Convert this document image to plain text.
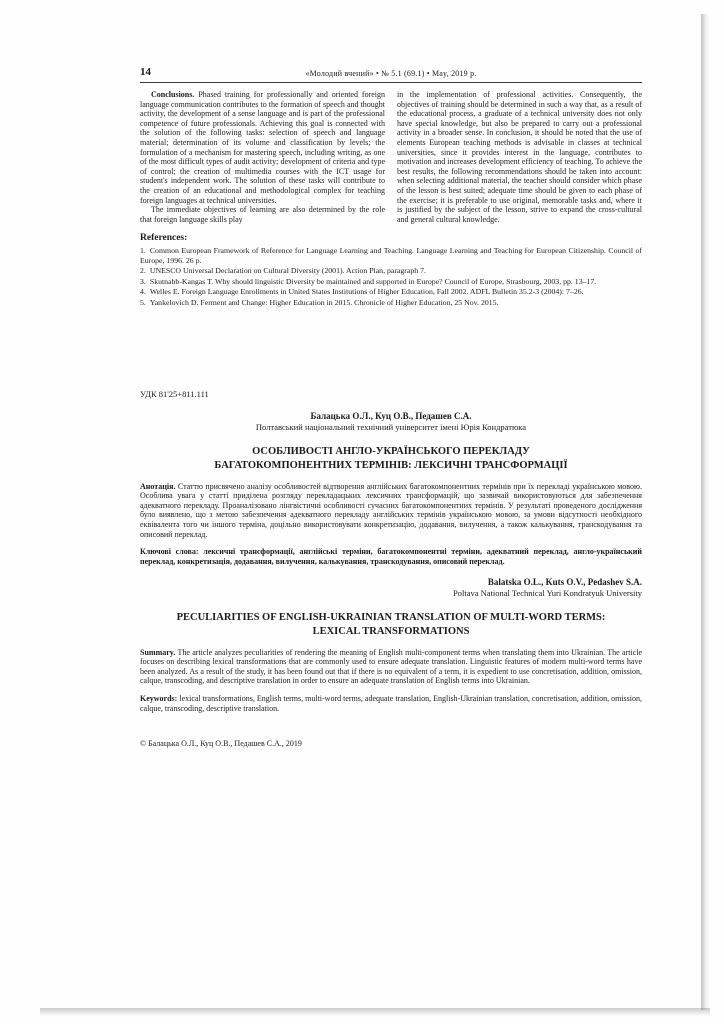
14	«Молодий вчений» • № 5.1 (69.1) • May, 2019 р.

Conclusions. Phased training for professionally and oriented foreign language communication contributes to the formation of speech and thought activity, the development of a sense language and is part of the professional competence of future professionals. Achieving this goal is connected with the solution of the following tasks: selection of speech and language material; determination of its volume and classification by levels; the formulation of a mechanism for mastering speech, including writing, as one of the most difficult types of audit activity; development of criteria and type of control; the creation of multimedia courses with the ICT usage for student's independent work. The solution of these tasks will contribute to the creation of an educational and methodological complex for teaching foreign languages at technical universities.

The immediate objectives of learning are also determined by the role that foreign language skills play

in the implementation of professional activities. Consequently, the objectives of training should be determined in such a way that, as a result of the educational process, a graduate of a technical university does not only have special knowledge, but also be prepared to carry out a professional activity in a broader sense. In conclusion, it should be noted that the use of elements European teaching methods is advisable in classes at technical universities, since it provides interest in the language, contributes to motivation and increases development efficiency of teaching. To achieve the best results, the following recommendations should be taken into account: when selecting additional material, the teacher should consider which phase of the lesson is best suited; adequate time should be given to each phase of the exercise; it is preferable to use original, memorable tasks and, where it is justified by the subject of the lesson, strive to expand the cross-cultural and general cultural knowledge.

References:

1. Common European Framework of Reference for Language Learning and Teaching. Language Learning and Teaching for European Citizenship. Council of Europe, 1996. 26 p.

2. UNESCO Universal Declaration on Cultural Diversity (2001). Action Plan, paragraph 7.

3. Skutnabb-Kangas T. Why should linguistic Diversity be maintained and supported in Europe? Council of Europe, Strasbourg, 2003, pp. 13–17.

4. Welles E. Foreign Language Enrollments in United States Institutions of Higher Education, Fall 2002. ADFL Bulletin 35.2-3 (2004): 7–26.

5. Yankelovich D. Ferment and Change: Higher Education in 2015. Chronicle of Higher Education, 25 Nov. 2015.

УДК 81'25+811.111
Балацька О.Л., Куц О.В., Педашев С.А.
Полтавський національний технічний університет імені Юрія Кондратюка
ОСОБЛИВОСТІ АНГЛО-УКРАЇНСЬКОГО ПЕРЕКЛАДУ БАГАТОКОМПОНЕНТНИХ ТЕРМІНІВ: ЛЕКСИЧНІ ТРАНСФОРМАЦІЇ

Анотація. Статтю присвячено аналізу особливостей відтворення англійських багатокомпонентних термінів при їх перекладі українською мовою. Особлива увага у статті приділена розгляду перекладацьких лексичних трансформацій, що зазвичай використовуються для забезпечення адекватного перекладу. Проаналізовано лінгвістичні особливості сучасних багатокомпонентних термінів. У результаті проведеного дослідження було виявлено, що з метою забезпечення адекватного перекладу англійських термінів українською мовою, за умови відсутності необхідного еквівалента того чи іншого терміна, доцільно використовувати конкретизацію, додавання, вилучення, а також калькування, транскодування та описовий переклад.

Ключові слова: лексичні трансформації, англійські терміни, багатокомпонентні терміни, адекватний переклад, англо-український переклад, конкретизація, додавання, вилучення, калькування, транскодування, описовий переклад.

Balatska O.L., Kuts O.V., Pedashev S.A.
Poltava National Technical Yuri Kondratyuk University
PECULIARITIES OF ENGLISH-UKRAINIAN TRANSLATION OF MULTI-WORD TERMS: LEXICAL TRANSFORMATIONS

Summary. The article analyzes peculiarities of rendering the meaning of English multi-component terms when translating them into Ukrainian. The article focuses on describing lexical transformations that are commonly used to ensure adequate translation. Linguistic features of modern multi-word terms have been analyzed. As a result of the study, it has been found out that if there is no equivalent of a term, it is expedient to use concretisation, addition, omission, calque, transcoding, and descriptive translation in order to ensure an adequate translation of English terms into Ukrainian.

Keywords: lexical transformations, English terms, multi-word terms, adequate translation, English-Ukrainian translation, concretisation, addition, omission, calque, transcoding, descriptive translation.

© Балацька О.Л., Куц О.В., Педашев С.А., 2019
